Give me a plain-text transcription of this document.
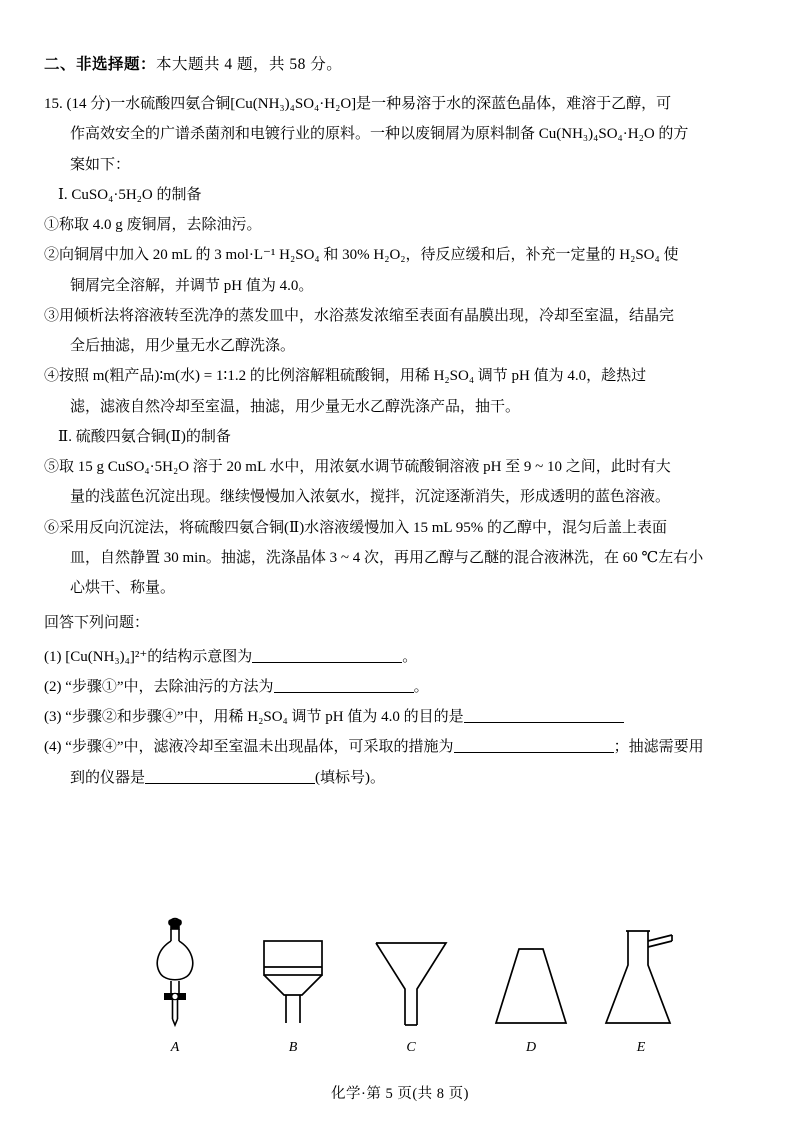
二、非选择题：本大题共 4 题，共 58 分。
15. (14 分)一水硫酸四氨合铜[Cu(NH₃)₄SO₄·H₂O]是一种易溶于水的深蓝色晶体，难溶于乙醇，可
作高效安全的广谱杀菌剂和电镀行业的原料。一种以废铜屑为原料制备 Cu(NH₃)₄SO₄·H₂O 的方
案如下：
Ⅰ. CuSO₄·5H₂O 的制备
①称取 4.0 g 废铜屑，去除油污。
②向铜屑中加入 20 mL 的 3 mol·L⁻¹ H₂SO₄ 和 30% H₂O₂，待反应缓和后，补充一定量的 H₂SO₄ 使
铜屑完全溶解，并调节 pH 值为 4.0。
③用倾析法将溶液转至洗净的蒸发皿中，水浴蒸发浓缩至表面有晶膜出现，冷却至室温，结晶完
全后抽滤，用少量无水乙醇洗涤。
④按照 m(粗产品)∶m(水) = 1∶1.2 的比例溶解粗硫酸铜，用稀 H₂SO₄ 调节 pH 值为 4.0，趁热过
滤，滤液自然冷却至室温，抽滤，用少量无水乙醇洗涤产品，抽干。
Ⅱ. 硫酸四氨合铜(Ⅱ)的制备
⑤取 15 g CuSO₄·5H₂O 溶于 20 mL 水中，用浓氨水调节硫酸铜溶液 pH 至 9 ~ 10 之间，此时有大
量的浅蓝色沉淀出现。继续慢慢加入浓氨水，搅拌，沉淀逐渐消失，形成透明的蓝色溶液。
⑥采用反向沉淀法，将硫酸四氨合铜(Ⅱ)水溶液缓慢加入 15 mL 95% 的乙醇中，混匀后盖上表面
皿，自然静置 30 min。抽滤，洗涤晶体 3 ~ 4 次，再用乙醇与乙醚的混合液淋洗，在 60 ℃左右小
心烘干、称量。
回答下列问题：
(1) [Cu(NH₃)₄]²⁺的结构示意图为	。
(2) “步骤①”中，去除油污的方法为	。
(3) “步骤②和步骤④”中，用稀 H₂SO₄ 调节 pH 值为 4.0 的目的是
(4) “步骤④”中，滤液冷却至室温未出现晶体，可采取的措施为	；抽滤需要用
到的仪器是	(填标号)。
A	B	C	D	E
化学·第 5 页(共 8 页)
